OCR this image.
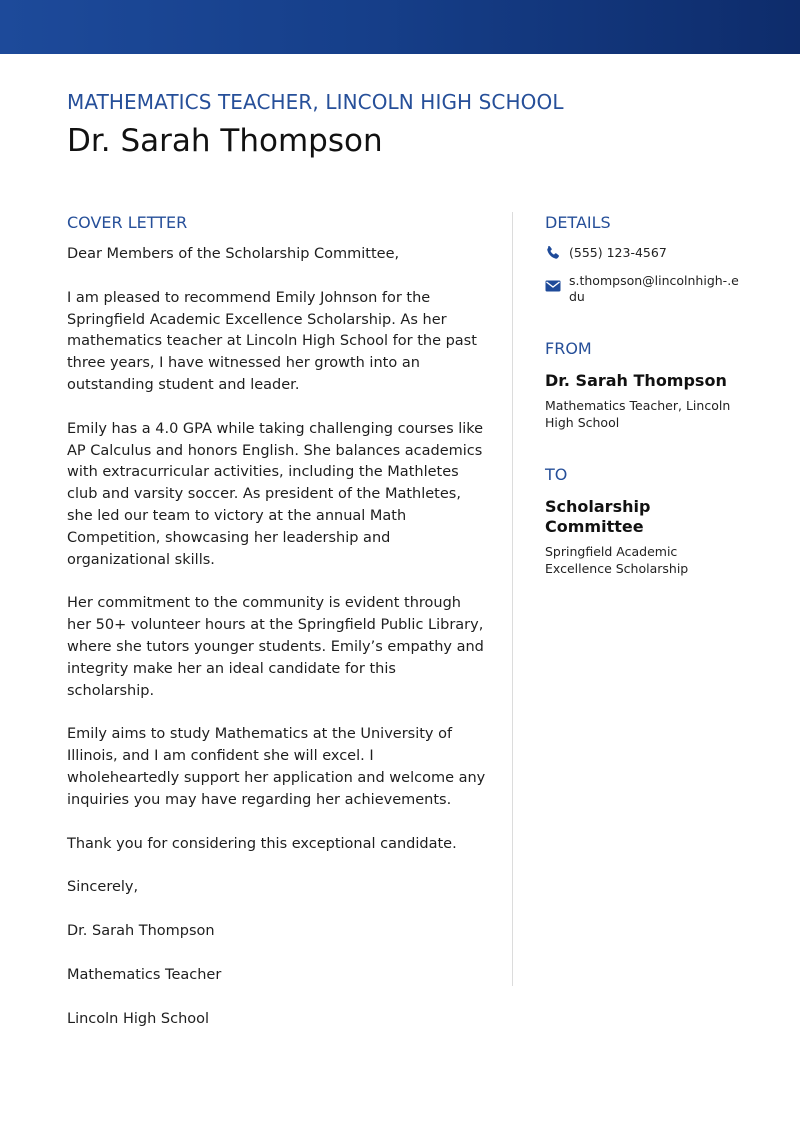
MATHEMATICS TEACHER, LINCOLN HIGH SCHOOL
Dr. Sarah Thompson
COVER LETTER

Dear Members of the Scholarship Committee,

I am pleased to recommend Emily Johnson for the Springfield Academic Excellence Scholarship. As her mathematics teacher at Lincoln High School for the past three years, I have witnessed her growth into an outstanding student and leader.

Emily has a 4.0 GPA while taking challenging courses like AP Calculus and honors English. She balances academics with extracurricular activities, including the Mathletes club and varsity soccer. As president of the Mathletes, she led our team to victory at the annual Math Competition, showcasing her leadership and organizational skills.

Her commitment to the community is evident through her 50+ volunteer hours at the Springfield Public Library, where she tutors younger students. Emily’s empathy and integrity make her an ideal candidate for this scholarship.

Emily aims to study Mathematics at the University of Illinois, and I am confident she will excel. I wholeheartedly support her application and welcome any inquiries you may have regarding her achievements.

Thank you for considering this exceptional candidate.

Sincerely,

Dr. Sarah Thompson

Mathematics Teacher

Lincoln High School

DETAILS
(555) 123-4567
s.thompson@lincolnhigh-.edu
FROM
Dr. Sarah Thompson
Mathematics Teacher, Lincoln High School
TO
Scholarship Committee
Springfield Academic Excellence Scholarship
